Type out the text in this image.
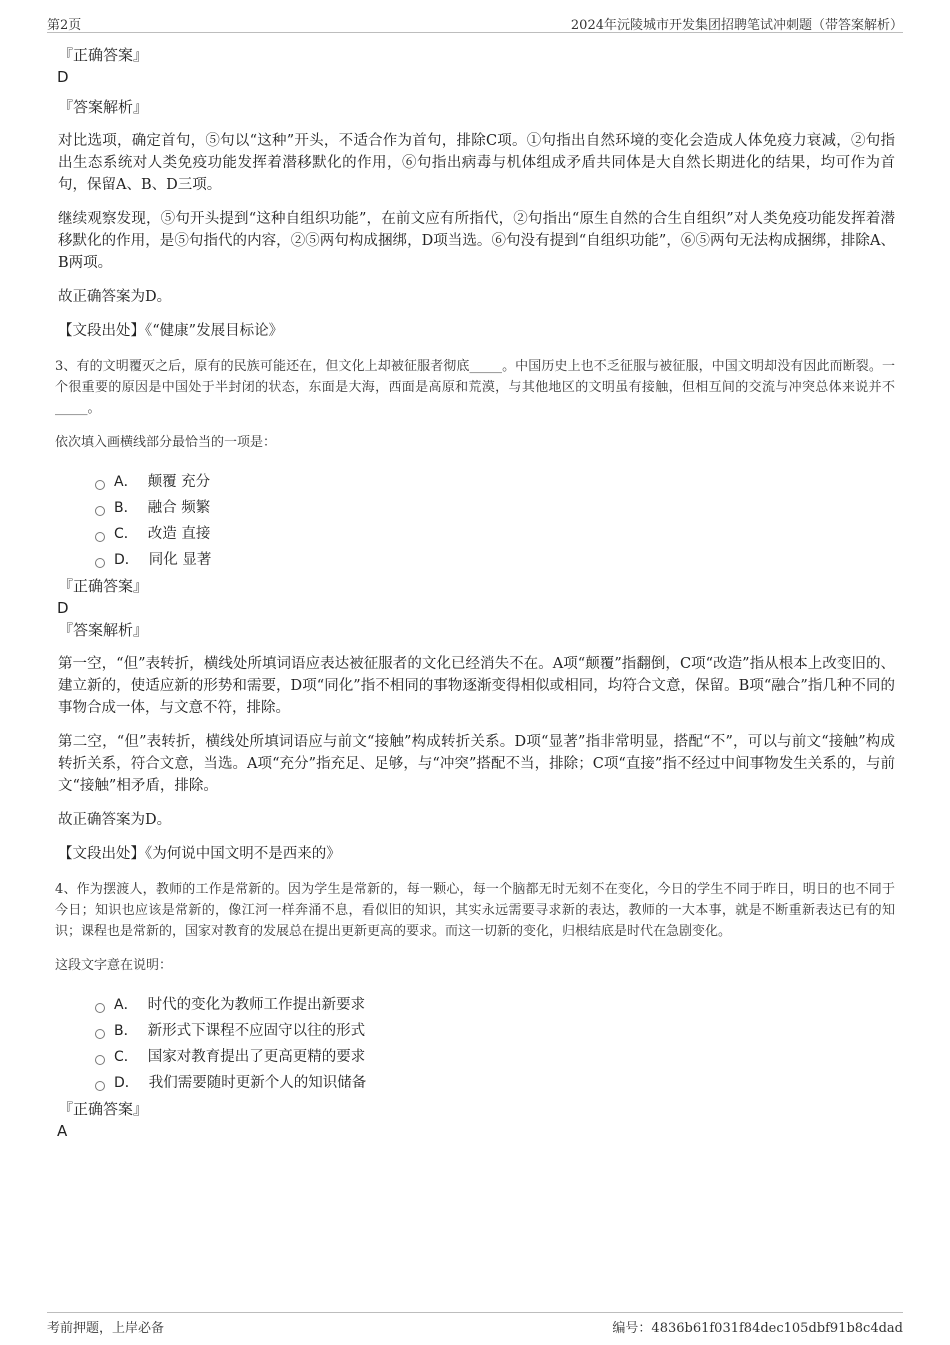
第2页	2024年沅陵城市开发集团招聘笔试冲刺题（带答案解析）
『正确答案』
D
『答案解析』

对比选项，确定首句，⑤句以“这种”开头，不适合作为首句，排除C项。①句指出自然环境的变化会造成人体免疫力衰减，②句指出生态系统对人类免疫功能发挥着潜移默化的作用，⑥句指出病毒与机体组成矛盾共同体是大自然长期进化的结果，均可作为首句，保留A、B、D三项。

继续观察发现，⑤句开头提到“这种自组织功能”，在前文应有所指代，②句指出“原生自然的合生自组织”对人类免疫功能发挥着潜移默化的作用，是⑤句指代的内容，②⑤两句构成捆绑，D项当选。⑥句没有提到“自组织功能”，⑥⑤两句无法构成捆绑，排除A、B两项。

故正确答案为D。

【文段出处】《“健康”发展目标论》

3、有的文明覆灭之后，原有的民族可能还在，但文化上却被征服者彻底_____。中国历史上也不乏征服与被征服，中国文明却没有因此而断裂。一个很重要的原因是中国处于半封闭的状态，东面是大海，西面是高原和荒漠，与其他地区的文明虽有接触，但相互间的交流与冲突总体来说并不_____。

依次填入画横线部分最恰当的一项是：

A． 颠覆 充分
B． 融合 频繁
C． 改造 直接
D． 同化 显著
『正确答案』
D
『答案解析』

第一空，“但”表转折，横线处所填词语应表达被征服者的文化已经消失不在。A项“颠覆”指翻倒，C项“改造”指从根本上改变旧的、建立新的，使适应新的形势和需要，D项“同化”指不相同的事物逐渐变得相似或相同，均符合文意，保留。B项“融合”指几种不同的事物合成一体，与文意不符，排除。

第二空，“但”表转折，横线处所填词语应与前文“接触”构成转折关系。D项“显著”指非常明显，搭配“不”，可以与前文“接触”构成转折关系，符合文意，当选。A项“充分”指充足、足够，与“冲突”搭配不当，排除；C项“直接”指不经过中间事物发生关系的，与前文“接触”相矛盾，排除。

故正确答案为D。

【文段出处】《为何说中国文明不是西来的》

4、作为摆渡人，教师的工作是常新的。因为学生是常新的，每一颗心，每一个脑都无时无刻不在变化，今日的学生不同于昨日，明日的也不同于今日；知识也应该是常新的，像江河一样奔涌不息，看似旧的知识，其实永远需要寻求新的表达，教师的一大本事，就是不断重新表达已有的知识；课程也是常新的，国家对教育的发展总在提出更新更高的要求。而这一切新的变化，归根结底是时代在急剧变化。

这段文字意在说明：

A． 时代的变化为教师工作提出新要求
B． 新形式下课程不应固守以往的形式
C． 国家对教育提出了更高更精的要求
D． 我们需要随时更新个人的知识储备
『正确答案』
A
考前押题，上岸必备	编号：4836b61f031f84dec105dbf91b8c4dad
